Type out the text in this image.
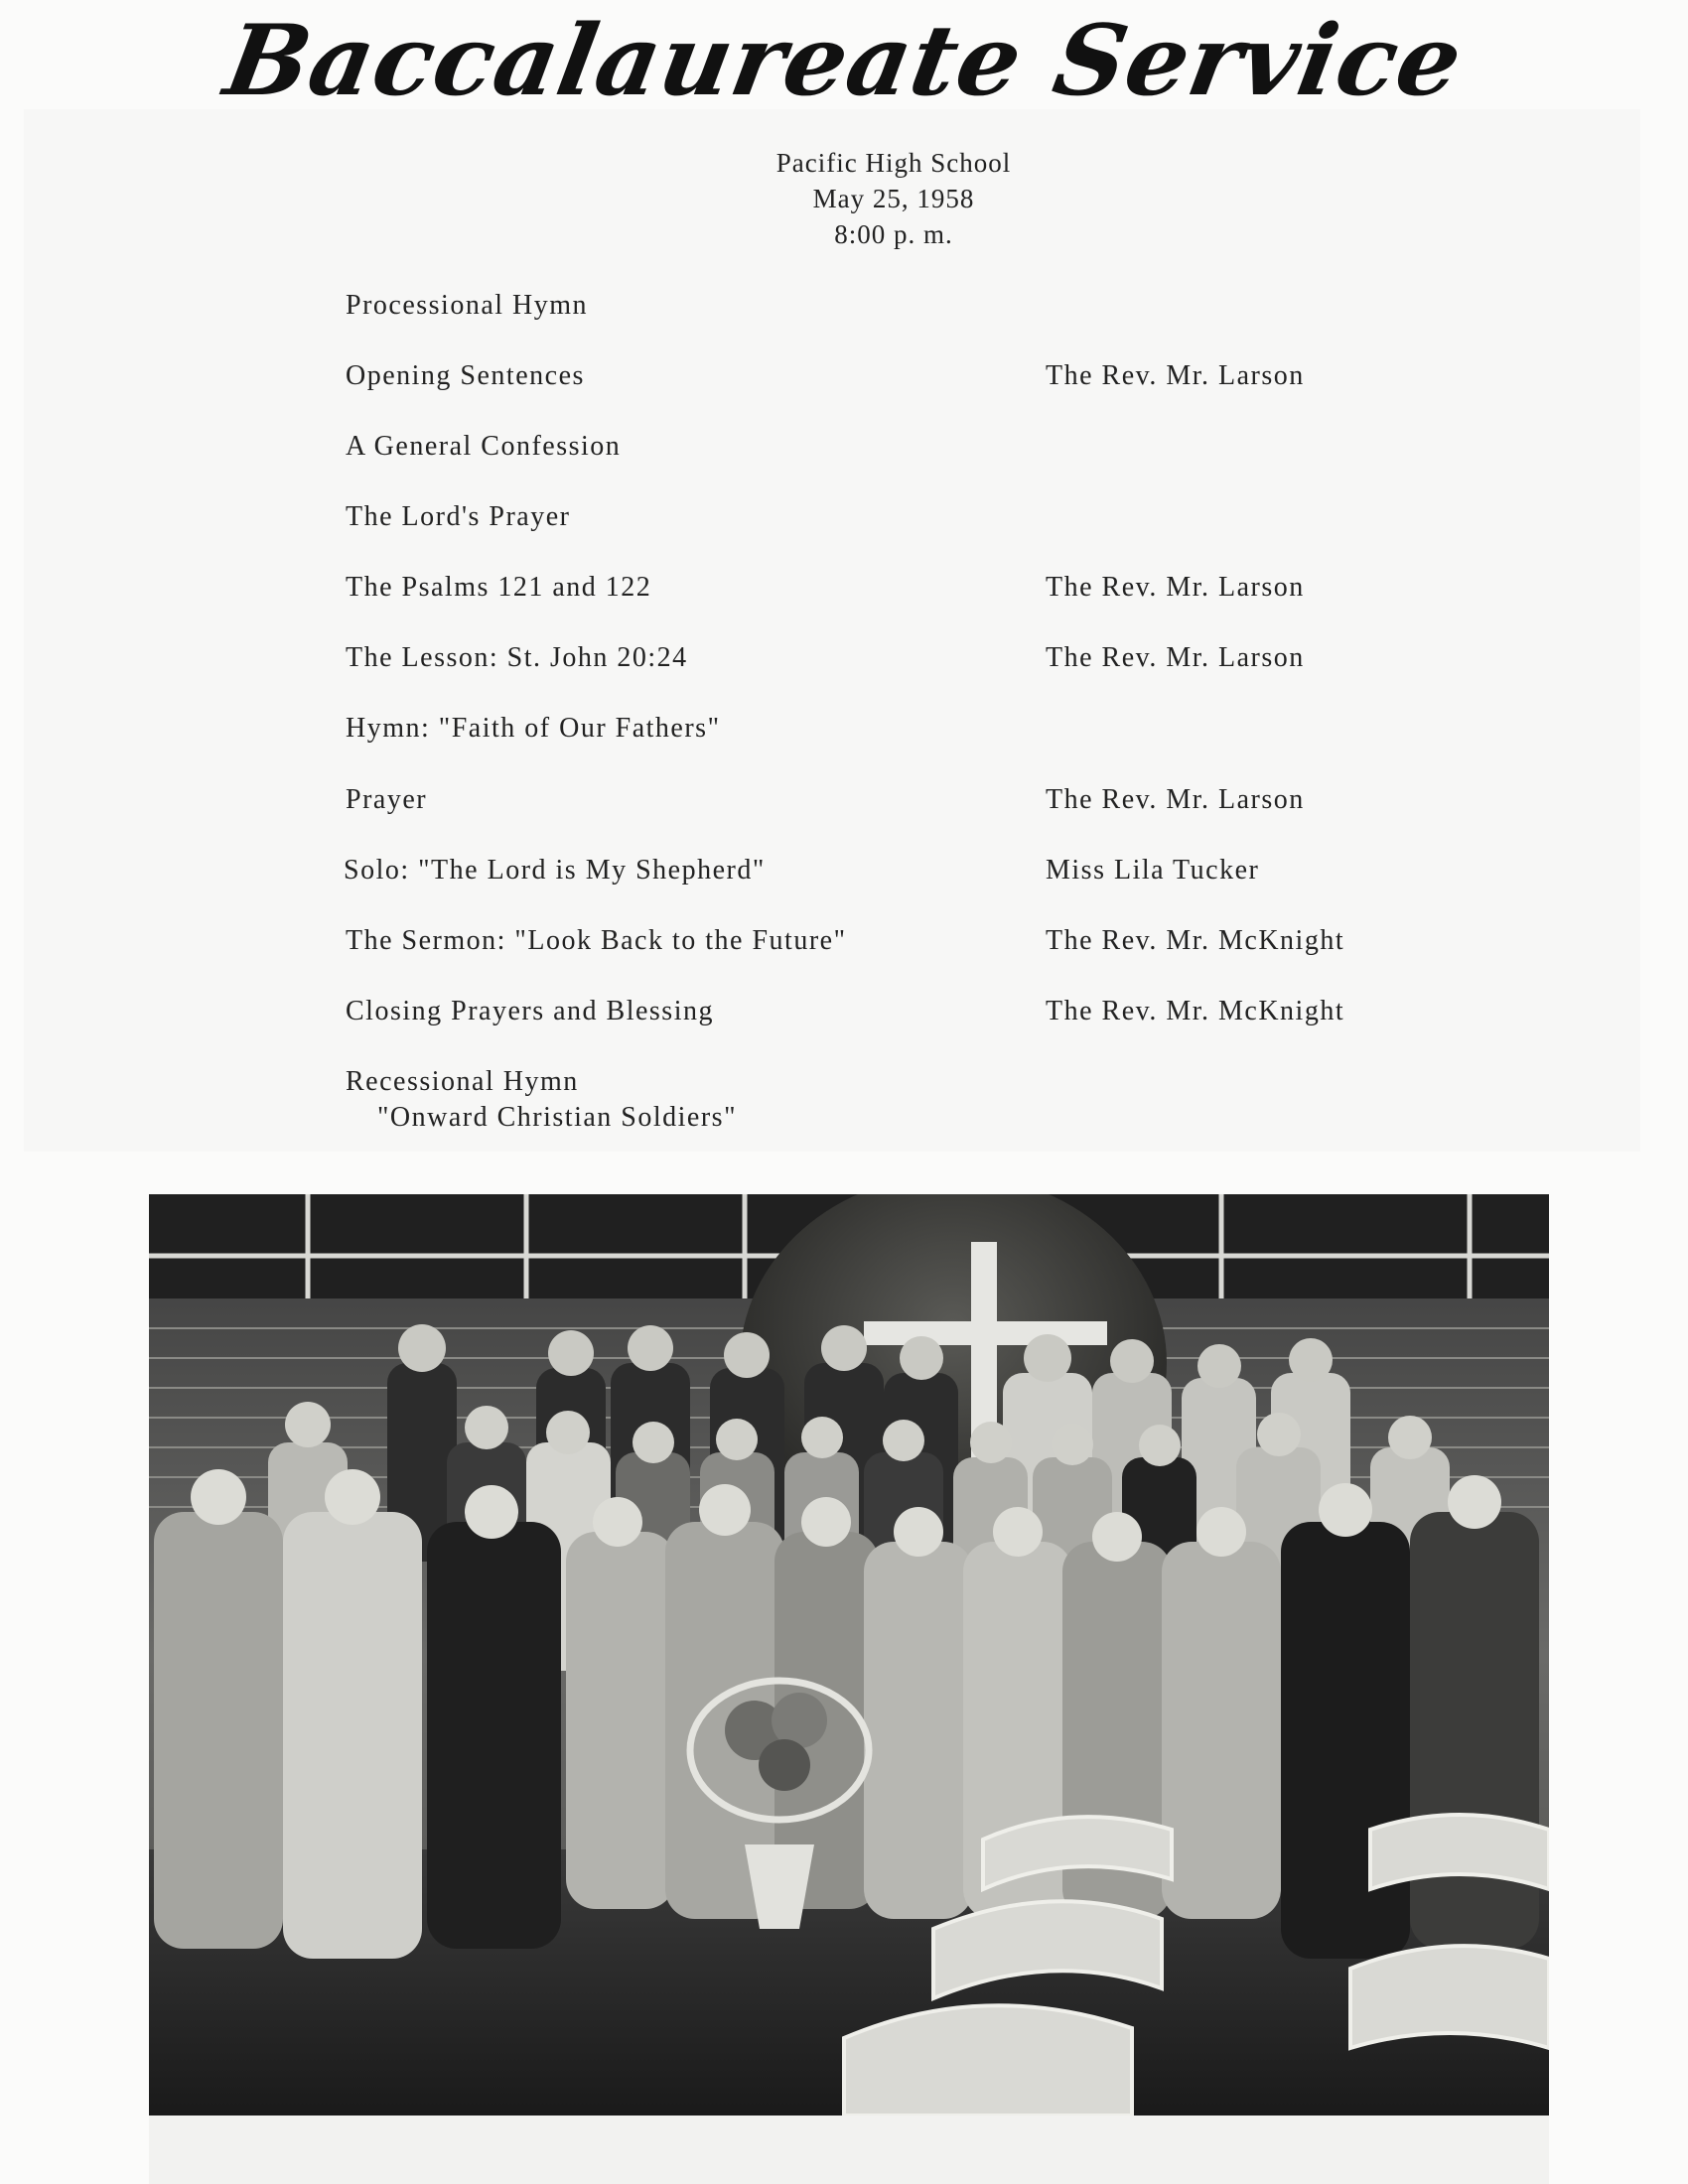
Baccalaureate Service
Pacific High School
May 25, 1958
8:00 p. m.
Processional Hymn
Opening Sentences	The Rev. Mr. Larson
A General Confession
The Lord's Prayer
The Psalms 121 and 122	The Rev. Mr. Larson
The Lesson: St. John 20:24	The Rev. Mr. Larson
Hymn: "Faith of Our Fathers"
Prayer	The Rev. Mr. Larson
Solo: "The Lord is My Shepherd"	Miss Lila Tucker
The Sermon: "Look Back to the Future"	The Rev. Mr. McKnight
Closing Prayers and Blessing	The Rev. Mr. McKnight
Recessional Hymn
"Onward Christian Soldiers"
